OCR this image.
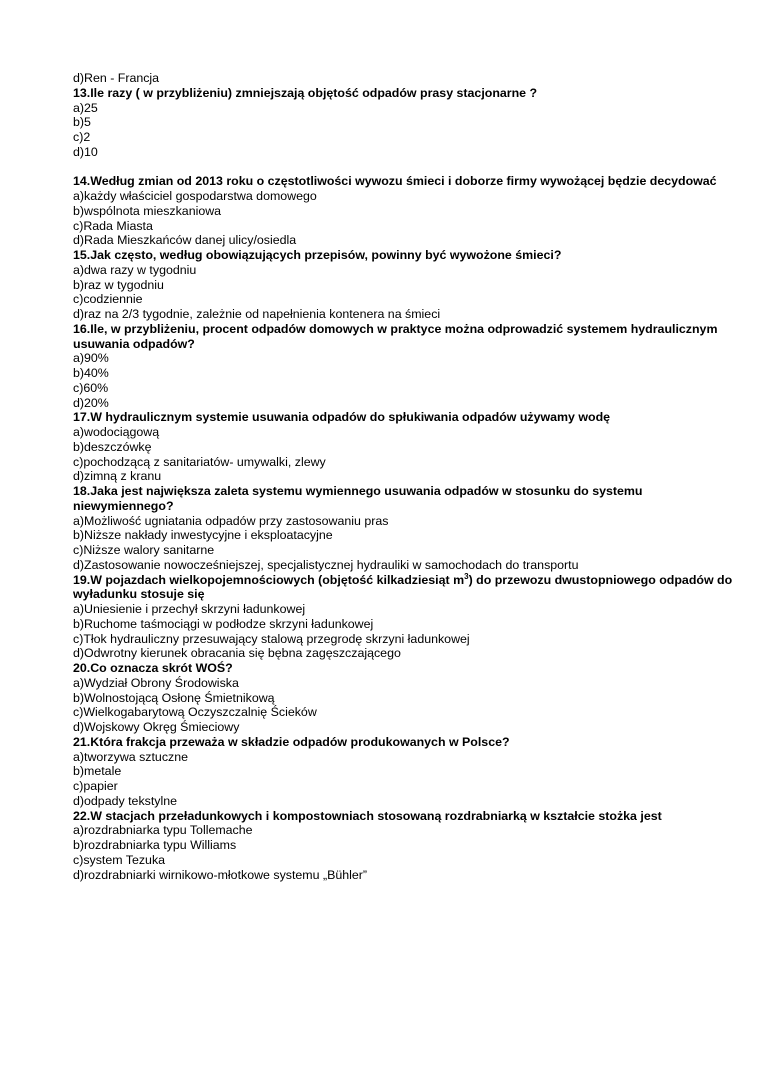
d)Ren - Francja
13.Ile razy ( w przybliżeniu) zmniejszają objętość odpadów prasy stacjonarne ?
a)25
b)5
c)2
d)10
14.Według zmian od 2013 roku o częstotliwości wywozu śmieci i doborze firmy wywożącej będzie decydować
a)każdy właściciel gospodarstwa domowego
b)wspólnota mieszkaniowa
c)Rada Miasta
d)Rada Mieszkańców danej ulicy/osiedla
15.Jak często, według obowiązujących przepisów, powinny być wywożone śmieci?
a)dwa razy w tygodniu
b)raz w tygodniu
c)codziennie
d)raz na 2/3 tygodnie, zależnie od napełnienia kontenera na śmieci
16.Ile, w przybliżeniu, procent odpadów domowych w praktyce można odprowadzić systemem hydraulicznym usuwania odpadów?
a)90%
b)40%
c)60%
d)20%
17.W hydraulicznym systemie usuwania odpadów do spłukiwania odpadów używamy wodę
a)wodociągową
b)deszczówkę
c)pochodzącą z sanitariatów- umywalki, zlewy
d)zimną z kranu
18.Jaka jest największa zaleta systemu wymiennego usuwania odpadów w stosunku do systemu niewymiennego?
a)Możliwość ugniatania odpadów przy zastosowaniu pras
b)Niższe nakłady inwestycyjne i eksploatacyjne
c)Niższe walory sanitarne
d)Zastosowanie nowocześniejszej, specjalistycznej hydrauliki w samochodach do transportu
19.W pojazdach wielkopojemnościowych (objętość kilkadziesiąt $m^3$) do przewozu dwustopniowego odpadów do wyładunku stosuje się
a)Uniesienie i przechył skrzyni ładunkowej
b)Ruchome taśmociągi w podłodze skrzyni ładunkowej
c)Tłok hydrauliczny przesuwający stalową przegrodę skrzyni ładunkowej
d)Odwrotny kierunek obracania się bębna zagęszczającego
20.Co oznacza skrót WOŚ?
a)Wydział Obrony Środowiska
b)Wolnostojącą Osłonę Śmietnikową
c)Wielkogabarytową Oczyszczalnię Ścieków
d)Wojskowy Okręg Śmieciowy
21.Która frakcja przeważa w składzie odpadów produkowanych w Polsce?
a)tworzywa sztuczne
b)metale
c)papier
d)odpady tekstylne
22.W stacjach przeładunkowych i kompostowniach stosowaną rozdrabniarką w kształcie stożka jest
a)rozdrabniarka typu Tollemache
b)rozdrabniarka typu Williams
c)system Tezuka
d)rozdrabniarki wirnikowo-młotkowe systemu „Bühler”
